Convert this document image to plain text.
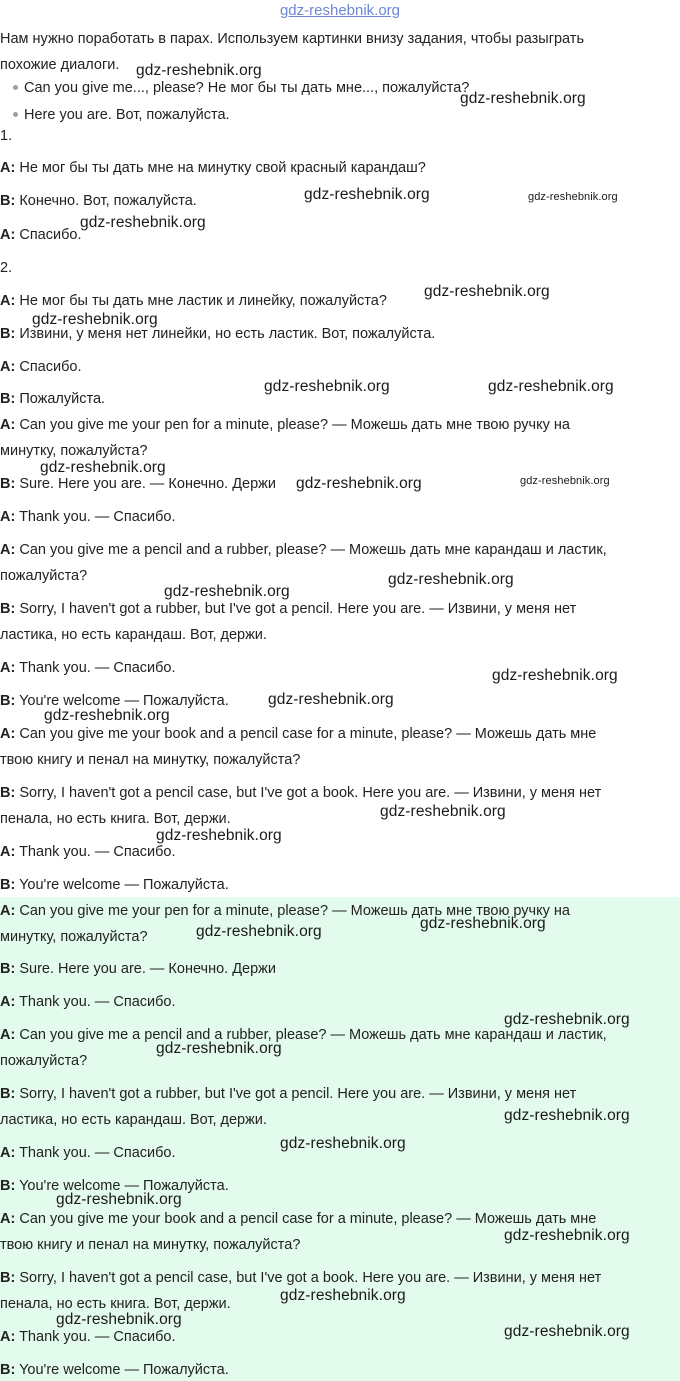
gdz-reshebnik.org
Нам нужно поработать в парах. Используем картинки внизу задания, чтобы разыграть
похожие диалоги.
Can you give me..., please? Не мог бы ты дать мне..., пожалуйста?
Here you are. Вот, пожалуйста.
1.
A: Не мог бы ты дать мне на минутку свой красный карандаш?
B: Конечно. Вот, пожалуйста.
A: Спасибо.
2.
A: Не мог бы ты дать мне ластик и линейку, пожалуйста?
B: Извини, у меня нет линейки, но есть ластик. Вот, пожалуйста.
A: Спасибо.
B: Пожалуйста.
A: Can you give me your pen for a minute, please? — Можешь дать мне твою ручку на
минутку, пожалуйста?
B: Sure. Here you are. — Конечно. Держи
A: Thank you. — Спасибо.
A: Can you give me a pencil and a rubber, please? — Можешь дать мне карандаш и ластик,
пожалуйста?
B: Sorry, I haven't got a rubber, but I've got a pencil. Here you are. — Извини, у меня нет
ластика, но есть карандаш. Вот, держи.
A: Thank you. — Спасибо.
B: You're welcome — Пожалуйста.
A: Can you give me your book and a pencil case for a minute, please? — Можешь дать мне
твою книгу и пенал на минутку, пожалуйста?
B: Sorry, I haven't got a pencil case, but I've got a book. Here you are. — Извини, у меня нет
пенала, но есть книга. Вот, держи.
A: Thank you. — Спасибо.
B: You're welcome — Пожалуйста.
A: Can you give me your pen for a minute, please? — Можешь дать мне твою ручку на
минутку, пожалуйста?
B: Sure. Here you are. — Конечно. Держи
A: Thank you. — Спасибо.
A: Can you give me a pencil and a rubber, please? — Можешь дать мне карандаш и ластик,
пожалуйста?
B: Sorry, I haven't got a rubber, but I've got a pencil. Here you are. — Извини, у меня нет
ластика, но есть карандаш. Вот, держи.
A: Thank you. — Спасибо.
B: You're welcome — Пожалуйста.
A: Can you give me your book and a pencil case for a minute, please? — Можешь дать мне
твою книгу и пенал на минутку, пожалуйста?
B: Sorry, I haven't got a pencil case, but I've got a book. Here you are. — Извини, у меня нет
пенала, но есть книга. Вот, держи.
A: Thank you. — Спасибо.
B: You're welcome — Пожалуйста.
gdz-reshebnik.org
gdz-reshebnik.org
gdz-reshebnik.org	gdz-reshebnik.org
gdz-reshebnik.org
gdz-reshebnik.org
gdz-reshebnik.org
gdz-reshebnik.org	gdz-reshebnik.org
gdz-reshebnik.org
gdz-reshebnik.org	gdz-reshebnik.org
gdz-reshebnik.org
gdz-reshebnik.org
gdz-reshebnik.org
gdz-reshebnik.org
gdz-reshebnik.org
gdz-reshebnik.org
gdz-reshebnik.org
gdz-reshebnik.org	gdz-reshebnik.org
gdz-reshebnik.org
gdz-reshebnik.org
gdz-reshebnik.org
gdz-reshebnik.org
gdz-reshebnik.org
gdz-reshebnik.org
gdz-reshebnik.org
gdz-reshebnik.org
gdz-reshebnik.org
